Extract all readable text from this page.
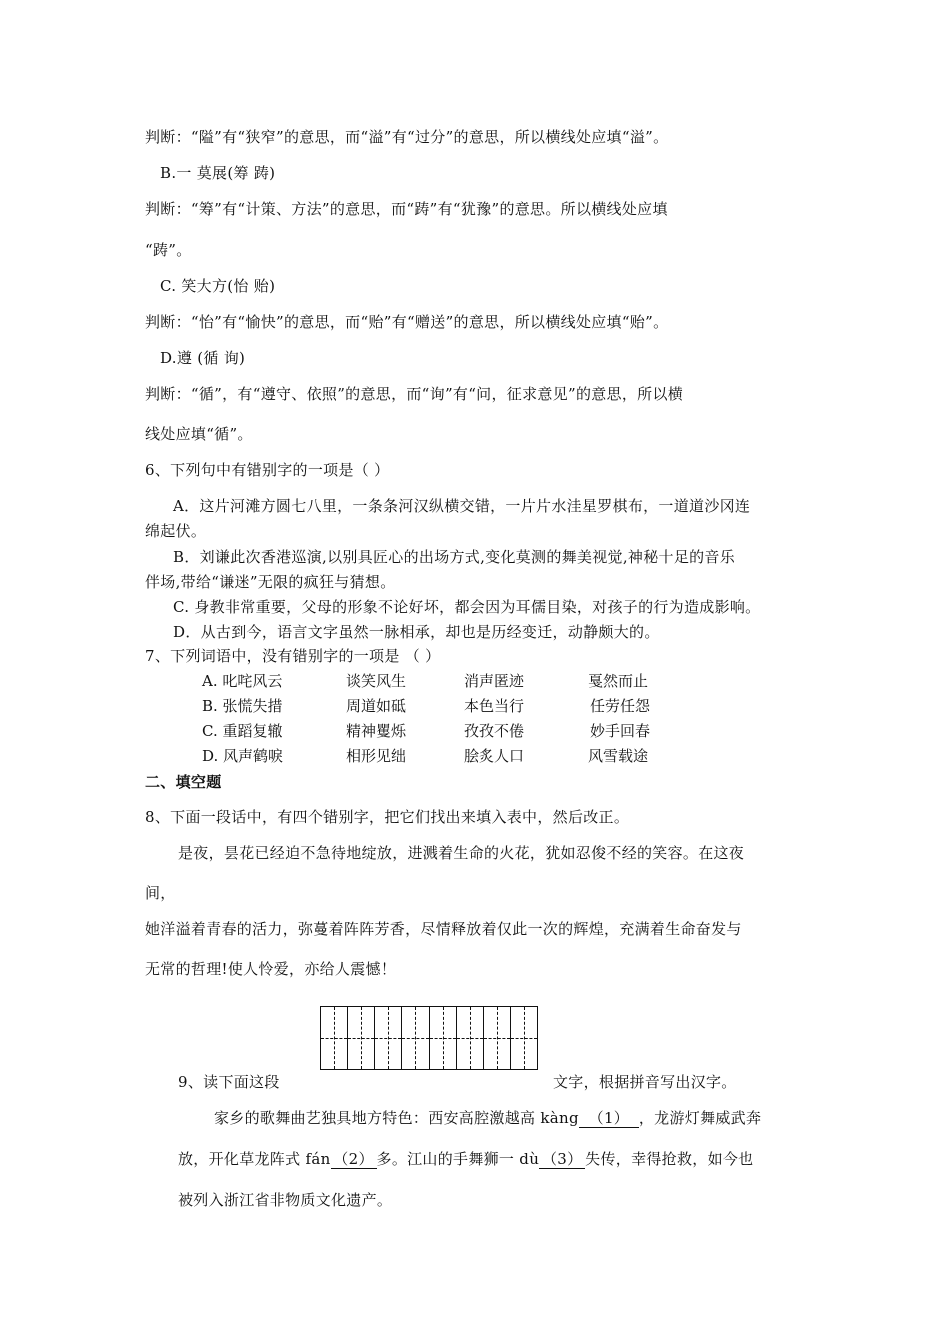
判断：“隘”有“狭窄”的意思，而“溢”有“过分”的意思，所以横线处应填“溢”。
B.一 莫展(筹 踌)
判断：“筹”有“计策、方法”的意思，而“踌”有“犹豫”的意思。所以横线处应填
“踌”。
C. 笑大方(怡 贻)
判断：“怡”有“愉快”的意思，而“贻”有“赠送”的意思，所以横线处应填“贻”。
D.遵 (循 询)
判断：“循”，有“遵守、依照”的意思，而“询”有“问，征求意见”的意思，所以横
线处应填“循”。
6、下列句中有错别字的一项是（ ）
A．这片河滩方圆七八里，一条条河汉纵横交错，一片片水洼星罗棋布，一道道沙冈连
绵起伏。
B．刘谦此次香港巡演,以别具匠心的出场方式,变化莫测的舞美视觉,神秘十足的音乐
伴场,带给“谦迷”无限的疯狂与猜想。
C. 身教非常重要，父母的形象不论好坏，都会因为耳儒目染，对孩子的行为造成影响。
D．从古到今，语言文字虽然一脉相承，却也是历经变迁，动静颇大的。
7、下列词语中，没有错别字的一项是 （ ）
A. 叱咤风云	谈笑风生	消声匿迹	戛然而止
B. 张慌失措	周道如砥	本色当行	任劳任怨
C. 重蹈复辙	精神矍烁	孜孜不倦	妙手回春
D. 风声鹤唳	相形见绌	脍炙人口	风雪载途
二、填空题
8、下面一段话中，有四个错别字，把它们找出来填入表中，然后改正。
是夜，昙花已经迫不急待地绽放，进溅着生命的火花，犹如忍俊不经的笑容。在这夜
间，
她洋溢着青春的活力，弥蔓着阵阵芳香，尽情释放着仅此一次的辉煌，充满着生命奋发与
无常的哲理!使人怜爱，亦给人震憾！
9、读下面这段	文字，根据拼音写出汉字。
家乡的歌舞曲艺独具地方特色：西安高腔激越高 kàng （1） ，龙游灯舞威武奔
放，开化草龙阵式 fán （2） 多。江山的手舞狮一 dù （3） 失传，幸得抢救，如今也
被列入浙江省非物质文化遗产。
